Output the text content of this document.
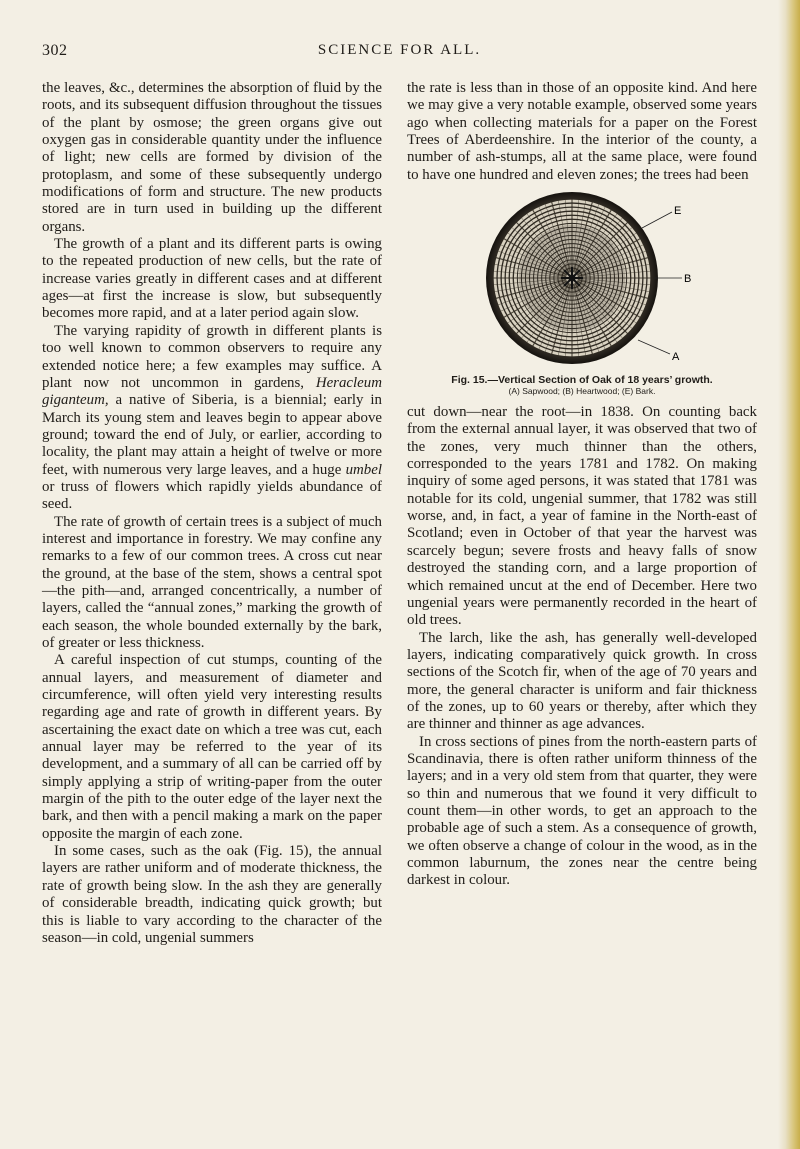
302	SCIENCE FOR ALL.

the leaves, &c., determines the absorption of fluid by the roots, and its subsequent diffusion throughout the tissues of the plant by osmose; the green organs give out oxygen gas in considerable quantity under the influence of light; new cells are formed by division of the protoplasm, and some of these subsequently undergo modifications of form and structure. The new products stored are in turn used in building up the different organs.

The growth of a plant and its different parts is owing to the repeated production of new cells, but the rate of increase varies greatly in different cases and at different ages—at first the increase is slow, but subsequently becomes more rapid, and at a later period again slow.

The varying rapidity of growth in different plants is too well known to common observers to require any extended notice here; a few examples may suffice. A plant now not uncommon in gardens, Heracleum giganteum, a native of Siberia, is a biennial; early in March its young stem and leaves begin to appear above ground; toward the end of July, or earlier, according to locality, the plant may attain a height of twelve or more feet, with numerous very large leaves, and a huge umbel or truss of flowers which rapidly yields abundance of seed.

The rate of growth of certain trees is a subject of much interest and importance in forestry. We may confine any remarks to a few of our common trees. A cross cut near the ground, at the base of the stem, shows a central spot—the pith—and, arranged concentrically, a number of layers, called the “annual zones,” marking the growth of each season, the whole bounded externally by the bark, of greater or less thickness.

A careful inspection of cut stumps, counting of the annual layers, and measurement of diameter and circumference, will often yield very interesting results regarding age and rate of growth in different years. By ascertaining the exact date on which a tree was cut, each annual layer may be referred to the year of its development, and a summary of all can be carried off by simply applying a strip of writing-paper from the outer margin of the pith to the outer edge of the layer next the bark, and then with a pencil making a mark on the paper opposite the margin of each zone.

In some cases, such as the oak (Fig. 15), the annual layers are rather uniform and of moderate thickness, the rate of growth being slow. In the ash they are generally of considerable breadth, indicating quick growth; but this is liable to vary according to the character of the season—in cold, ungenial summers

the rate is less than in those of an opposite kind. And here we may give a very notable example, observed some years ago when collecting materials for a paper on the Forest Trees of Aberdeenshire. In the interior of the county, a number of ash-stumps, all at the same place, were found to have one hundred and eleven zones; the trees had been

E
B
A
Fig. 15.—Vertical Section of Oak of 18 years’ growth.
(A) Sapwood; (B) Heartwood; (E) Bark.

cut down—near the root—in 1838. On counting back from the external annual layer, it was observed that two of the zones, very much thinner than the others, corresponded to the years 1781 and 1782. On making inquiry of some aged persons, it was stated that 1781 was notable for its cold, ungenial summer, that 1782 was still worse, and, in fact, a year of famine in the North-east of Scotland; even in October of that year the harvest was scarcely begun; severe frosts and heavy falls of snow destroyed the standing corn, and a large proportion of which remained uncut at the end of December. Here two ungenial years were permanently recorded in the heart of old trees.

The larch, like the ash, has generally well-developed layers, indicating comparatively quick growth. In cross sections of the Scotch fir, when of the age of 70 years and more, the general character is uniform and fair thickness of the zones, up to 60 years or thereby, after which they are thinner and thinner as age advances.

In cross sections of pines from the north-eastern parts of Scandinavia, there is often rather uniform thinness of the layers; and in a very old stem from that quarter, they were so thin and numerous that we found it very difficult to count them—in other words, to get an approach to the probable age of such a stem. As a consequence of growth, we often observe a change of colour in the wood, as in the common laburnum, the zones near the centre being darkest in colour.
